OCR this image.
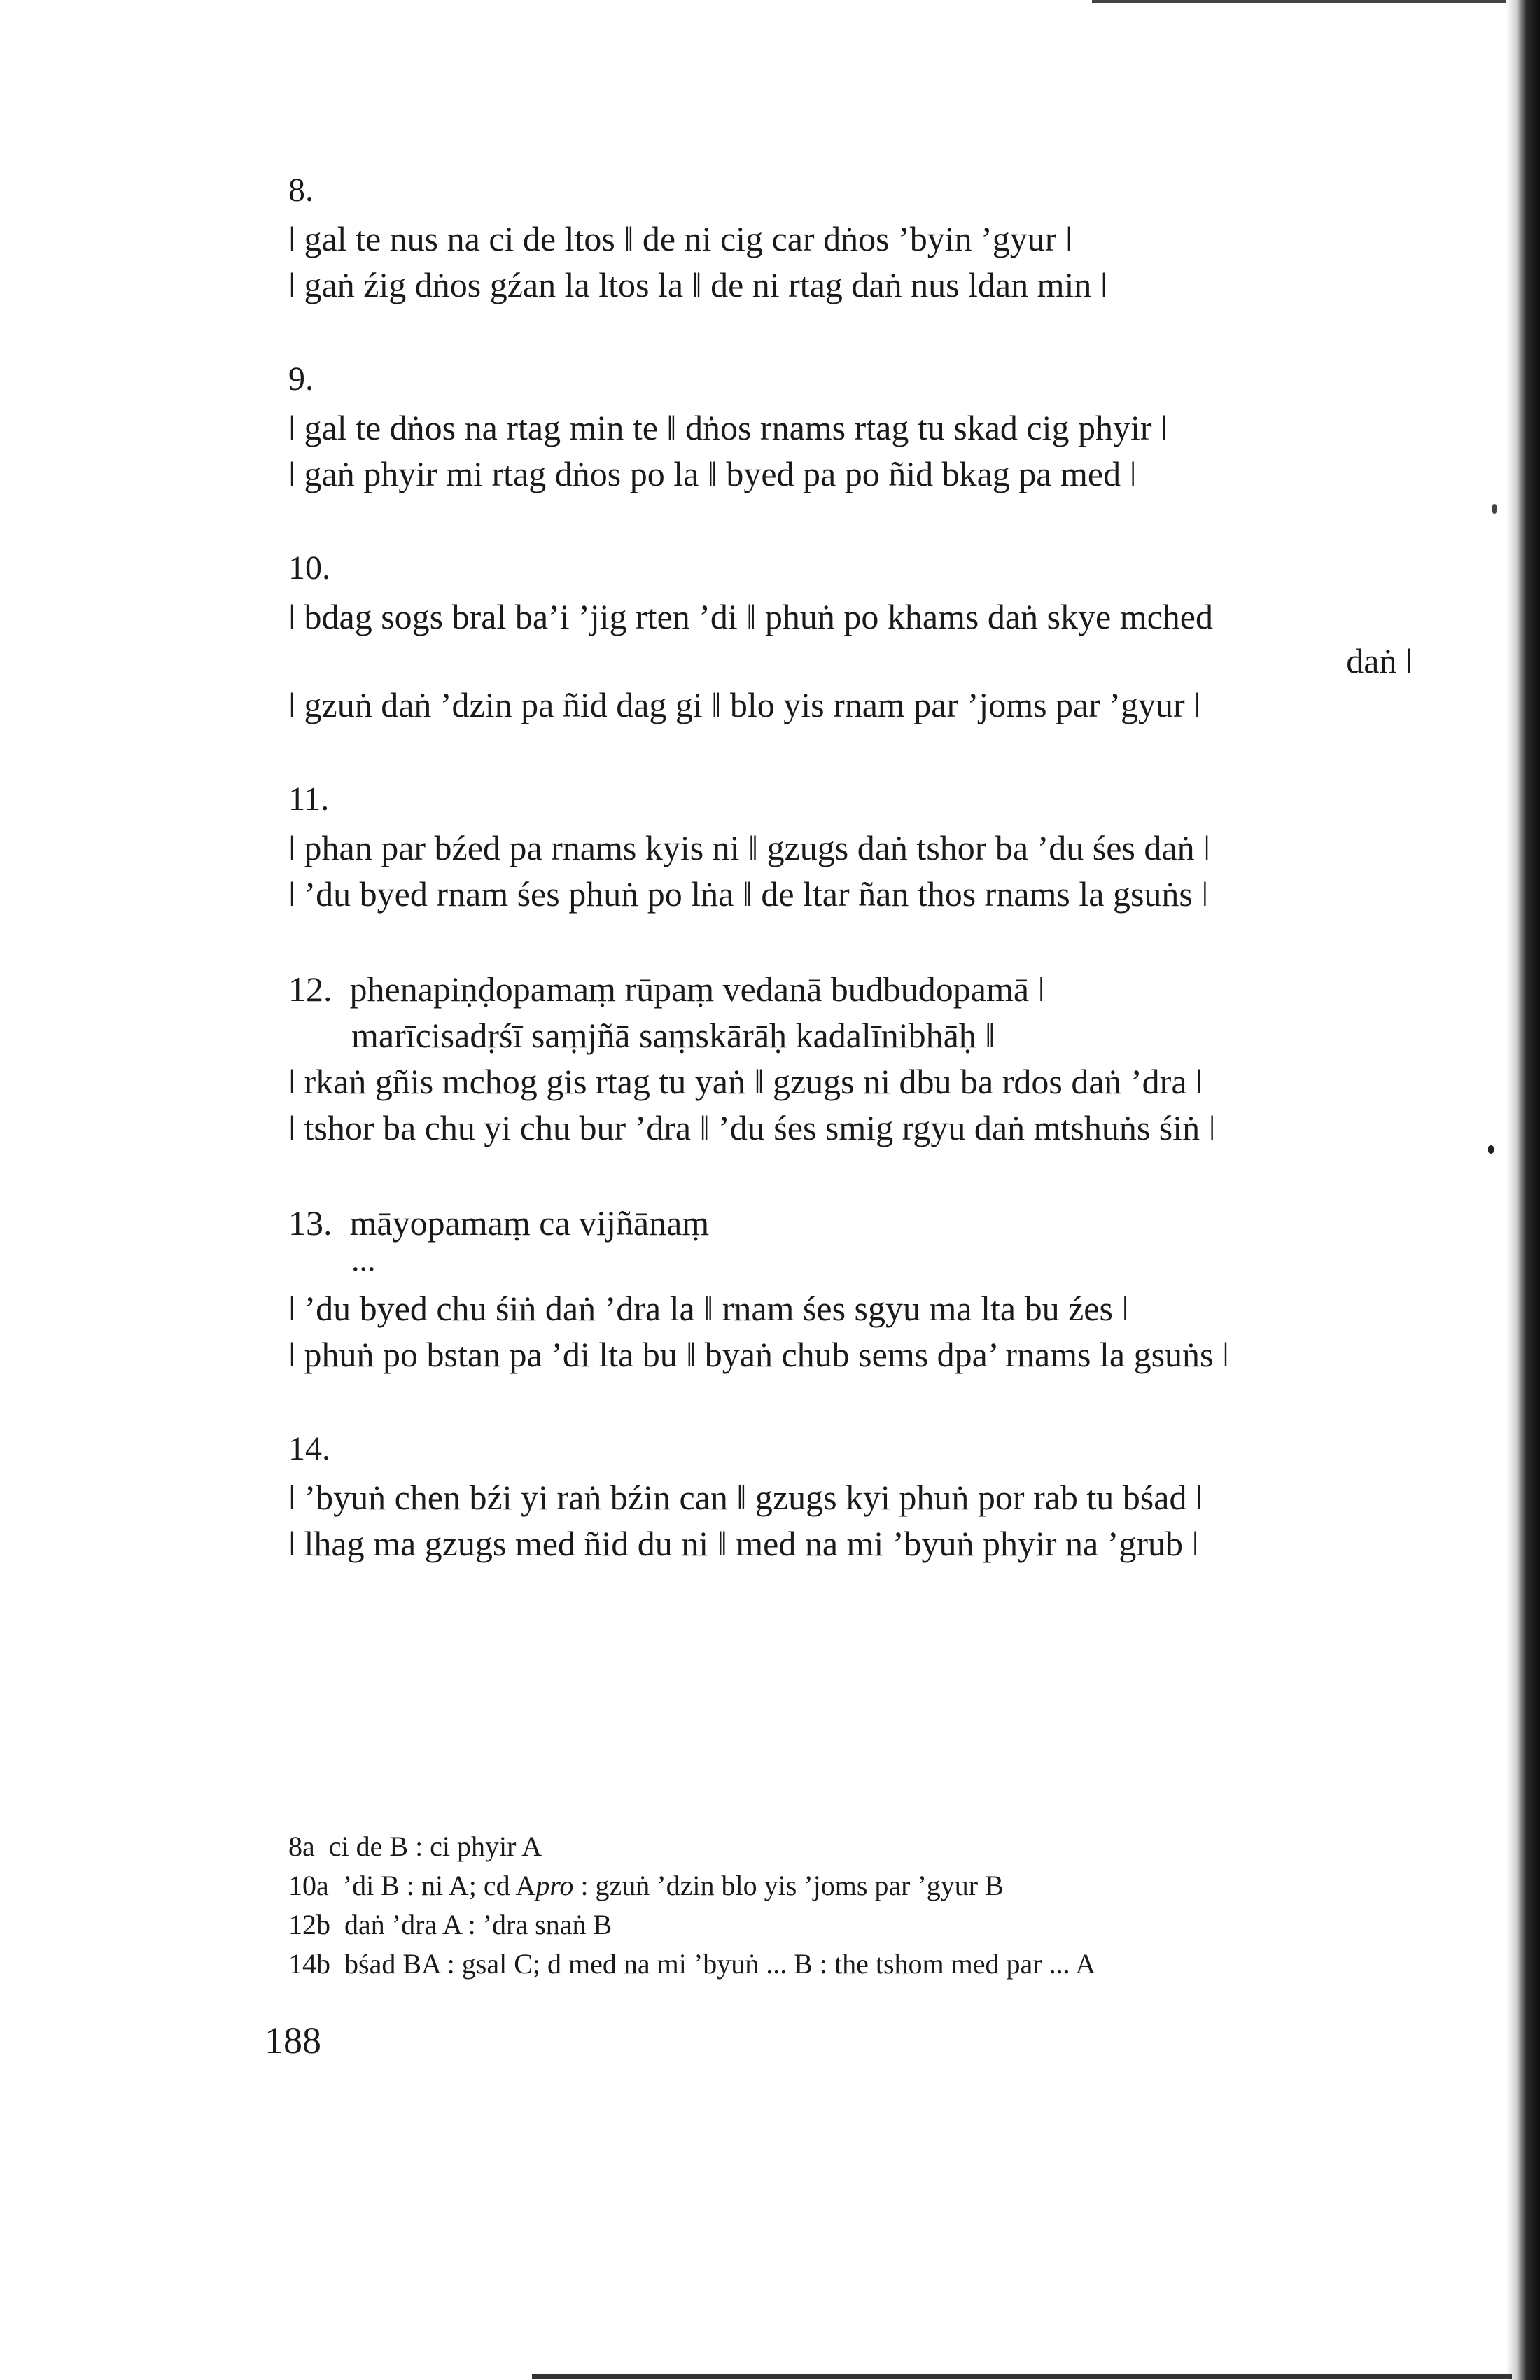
8.
ǀ gal te nus na ci de ltos ǁ de ni cig car dṅos ’byin ’gyur ǀ
ǀ gaṅ źig dṅos gźan la ltos la ǁ de ni rtag daṅ nus ldan min ǀ
9.
ǀ gal te dṅos na rtag min te ǁ dṅos rnams rtag tu skad cig phyir ǀ
ǀ gaṅ phyir mi rtag dṅos po la ǁ byed pa po ñid bkag pa med ǀ
10.
ǀ bdag sogs bral ba’i ’jig rten ’di ǁ phuṅ po khams daṅ skye mched
daṅ ǀ
ǀ gzuṅ daṅ ’dzin pa ñid dag gi ǁ blo yis rnam par ’joms par ’gyur ǀ
11.
ǀ phan par bźed pa rnams kyis ni ǁ gzugs daṅ tshor ba ’du śes daṅ ǀ
ǀ ’du byed rnam śes phuṅ po lṅa ǁ de ltar ñan thos rnams la gsuṅs ǀ
12. phenapiṇḍopamaṃ rūpaṃ vedanā budbudopamā ǀ
marīcisadṛśī saṃjñā saṃskārāḥ kadalīnibhāḥ ǁ
ǀ rkaṅ gñis mchog gis rtag tu yaṅ ǁ gzugs ni dbu ba rdos daṅ ’dra ǀ
ǀ tshor ba chu yi chu bur ’dra ǁ ’du śes smig rgyu daṅ mtshuṅs śiṅ ǀ
13. māyopamaṃ ca vijñānaṃ
...
ǀ ’du byed chu śiṅ daṅ ’dra la ǁ rnam śes sgyu ma lta bu źes ǀ
ǀ phuṅ po bstan pa ’di lta bu ǁ byaṅ chub sems dpa’ rnams la gsuṅs ǀ
14.
ǀ ’byuṅ chen bźi yi raṅ bźin can ǁ gzugs kyi phuṅ por rab tu bśad ǀ
ǀ lhag ma gzugs med ñid du ni ǁ med na mi ’byuṅ phyir na ’grub ǀ
8a ci de B : ci phyir A
10a ’di B : ni A; cd Apro : gzuṅ ’dzin blo yis ’joms par ’gyur B
12b daṅ ’dra A : ’dra snaṅ B
14b bśad BA : gsal C; d med na mi ’byuṅ ... B : the tshom med par ... A
188
